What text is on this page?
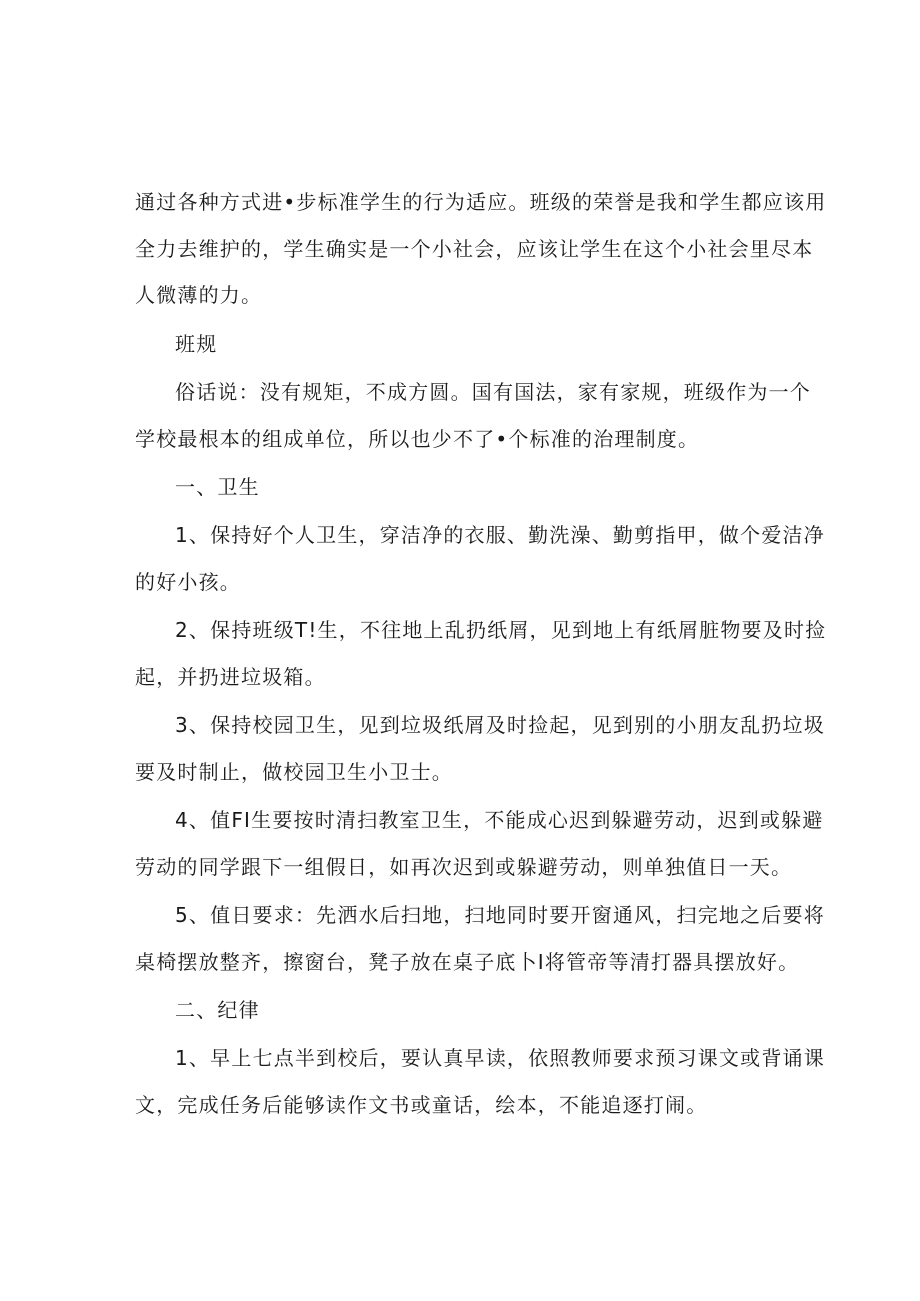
通过各种方式进•步标准学生的行为适应。班级的荣誉是我和学生都应该用
全力去维护的，学生确实是一个小社会，应该让学生在这个小社会里尽本
人微薄的力。
班规
俗话说：没有规矩，不成方圆。国有国法，家有家规，班级作为一个
学校最根本的组成单位，所以也少不了•个标准的治理制度。
一、卫生
1、保持好个人卫生，穿洁净的衣服、勤洗澡、勤剪指甲，做个爱洁净
的好小孩。
2、保持班级T!生，不往地上乱扔纸屑，见到地上有纸屑脏物要及时捡
起，并扔进垃圾箱。
3、保持校园卫生，见到垃圾纸屑及时捡起，见到别的小朋友乱扔垃圾
要及时制止，做校园卫生小卫士。
4、值FI生要按时清扫教室卫生，不能成心迟到躲避劳动，迟到或躲避
劳动的同学跟下一组假日，如再次迟到或躲避劳动，则单独值日一天。
5、值日要求：先洒水后扫地，扫地同时要开窗通风，扫完地之后要将
桌椅摆放整齐，擦窗台，凳子放在桌子底卜I将管帝等清打器具摆放好。
二、纪律
1、早上七点半到校后，要认真早读，依照教师要求预习课文或背诵课
文，完成任务后能够读作文书或童话，绘本，不能追逐打闹。
